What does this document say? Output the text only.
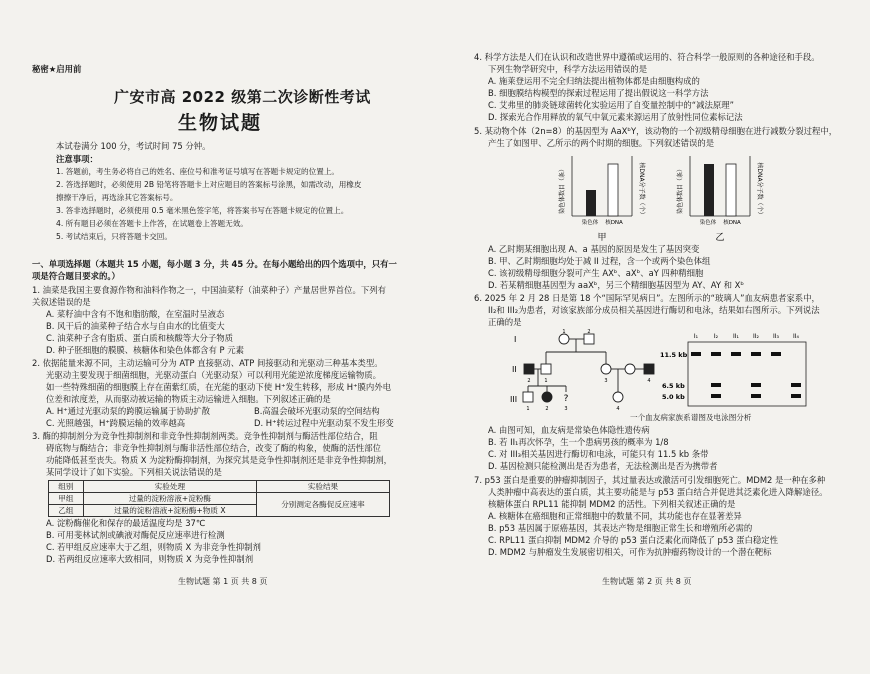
秘密★启用前
广安市高 2022 级第二次诊断性考试
生物试题
本试卷满分 100 分，考试时间 75 分钟。
注意事项：
1. 答题前，考生务必将自己的姓名、座位号和准考证号填写在答题卡规定的位置上。
2. 答选择题时，必须使用 2B 铅笔将答题卡上对应题目的答案标号涂黑，如需改动，用橡皮
擦擦干净后，再选涂其它答案标号。
3. 答非选择题时，必须使用 0.5 毫米黑色签字笔，将答案书写在答题卡规定的位置上。
4. 所有题目必须在答题卡上作答，在试题卷上答题无效。
5. 考试结束后，只将答题卡交回。
一、单项选择题（本题共 15 小题，每小题 3 分，共 45 分。在每小题给出的四个选项中，只有一
项是符合题目要求的。）
1. 油菜是我国主要食源作物和油料作物之一，中国油菜籽（油菜种子）产量居世界首位。下列有
关叙述错误的是
A. 菜籽油中含有不饱和脂肪酸，在室温时呈液态
B. 风干后的油菜种子结合水与自由水的比值变大
C. 油菜种子含有脂质、蛋白质和核酸等大分子物质
D. 种子胚细胞的膜膜、核糖体和染色体都含有 P 元素
2. 依据能量来源不同，主动运输可分为 ATP 直接驱动、ATP 间接驱动和光驱动三种基本类型。
光驱动主要发现于细菌细胞，光驱动蛋白（光驱动泵）可以利用光能逆浓度梯度运输物质。
如一些特殊细菌的细胞膜上存在菌紫红质，在光能的驱动下使 H⁺发生转移，形成 H⁺膜内外电
位差和浓度差，从而驱动被运输的物质主动运输进入细胞。下列叙述正确的是
A. H⁺通过光驱动泵的跨膜运输属于协助扩散	B.高温会破坏光驱动泵的空间结构
C. 光照越强，H⁺跨膜运输的效率越高	D. H⁺转运过程中光驱动泵不发生形变
3. 酶的抑制剂分为竞争性抑制剂和非竞争性抑制剂两类。竞争性抑制剂与酶活性部位结合，阻
碍底物与酶结合；非竞争性抑制剂与酶非活性部位结合，改变了酶的构象，使酶的活性部位
功能降低甚至丧失。物质 X 为淀粉酶抑制剂，为探究其是竞争性抑制剂还是非竞争性抑制剂，
某同学设计了如下实验。下列相关说法错误的是
组别	实验处理	实验结果
甲组	过量的淀粉溶液+淀粉酶	分别测定各酶促反应速率
乙组	过量的淀粉溶液+淀粉酶+物质 X	
A. 淀粉酶催化和保存的最适温度均是 37℃
B. 可用斐林试剂或碘液对酶促反应速率进行检测
C. 若甲组反应速率大于乙组，则物质 X 为非竞争性抑制剂
D. 若两组反应速率大致相同，则物质 X 为竞争性抑制剂
生物试题 第 1 页 共 8 页
4. 科学方法是人们在认识和改造世界中遵循或运用的、符合科学一般原则的各种途径和手段。
下列生物学研究中，科学方法运用错误的是
A. 施莱登运用不完全归纳法提出植物体都是由细胞构成的
B. 细胞膜结构模型的探索过程运用了提出假说这一科学方法
C. 艾弗里的肺炎链球菌转化实验运用了自变量控制中的“减法原理”
D. 探索光合作用释放的氧气中氧元素来源运用了放射性同位素标记法
5. 某动物个体（2n=8）的基因型为 AaXᵇY，该动物的一个初级精母细胞在进行减数分裂过程中，
产生了如图甲、乙所示的两个时期的细胞。下列叙述错误的是
染色体数目（条）
染色体 核DNA
核DNA分子数（个）
甲
染色体数目（条）
染色体 核DNA
核DNA分子数（个）
乙
A. 乙时期某细胞出现 A、a 基因的原因是发生了基因突变
B. 甲、乙时期细胞均处于减 II 过程，含一个或两个染色体组
C. 该初级精母细胞分裂可产生 AXᵇ、aXᵇ、aY 四种精细胞
D. 若某精细胞基因型为 aaXᵇ，另三个精细胞基因型为 AY、AY 和 Xᵇ
6. 2025 年 2 月 28 日是第 18 个“国际罕见病日”。左图所示的“玻璃人”血友病患者家系中，
II₂和 III₂为患者，对该家族部分成员相关基因进行酶切和电泳，结果如右图所示。下列说法
正确的是
I
II
III
1	2
1
2	3	4
?
1	2	3	4
I₁	I₂ II₁ II₂ II₃ II₄
11.5 kb
6.5 kb
5.0 kb
一个血友病家族系谱图及电泳图分析
A. 由图可知，血友病是常染色体隐性遗传病
B. 若 II₁再次怀孕，生一个患病男孩的概率为 1/8
C. 对 III₃相关基因进行酶切和电泳，可能只有 11.5 kb 条带
D. 基因检测只能检测出是否为患者，无法检测出是否为携带者
7. p53 蛋白是重要的肿瘤抑制因子，其过量表达或激活可引发细胞死亡。MDM2 是一种在多种
人类肿瘤中高表达的蛋白质，其主要功能是与 p53 蛋白结合并促进其泛素化进入降解途径。
核糖体蛋白 RPL11 能抑制 MDM2 的活性。下列相关叙述正确的是
A. 核糖体在癌细胞和正常细胞中的数量不同，其功能也存在显著差异
B. p53 基因属于原癌基因，其表达产物是细胞正常生长和增殖所必需的
C. RPL11 蛋白抑制 MDM2 介导的 p53 蛋白泛素化而降低了 p53 蛋白稳定性
D. MDM2 与肿瘤发生发展密切相关，可作为抗肿瘤药物设计的一个潜在靶标
生物试题 第 2 页 共 8 页
